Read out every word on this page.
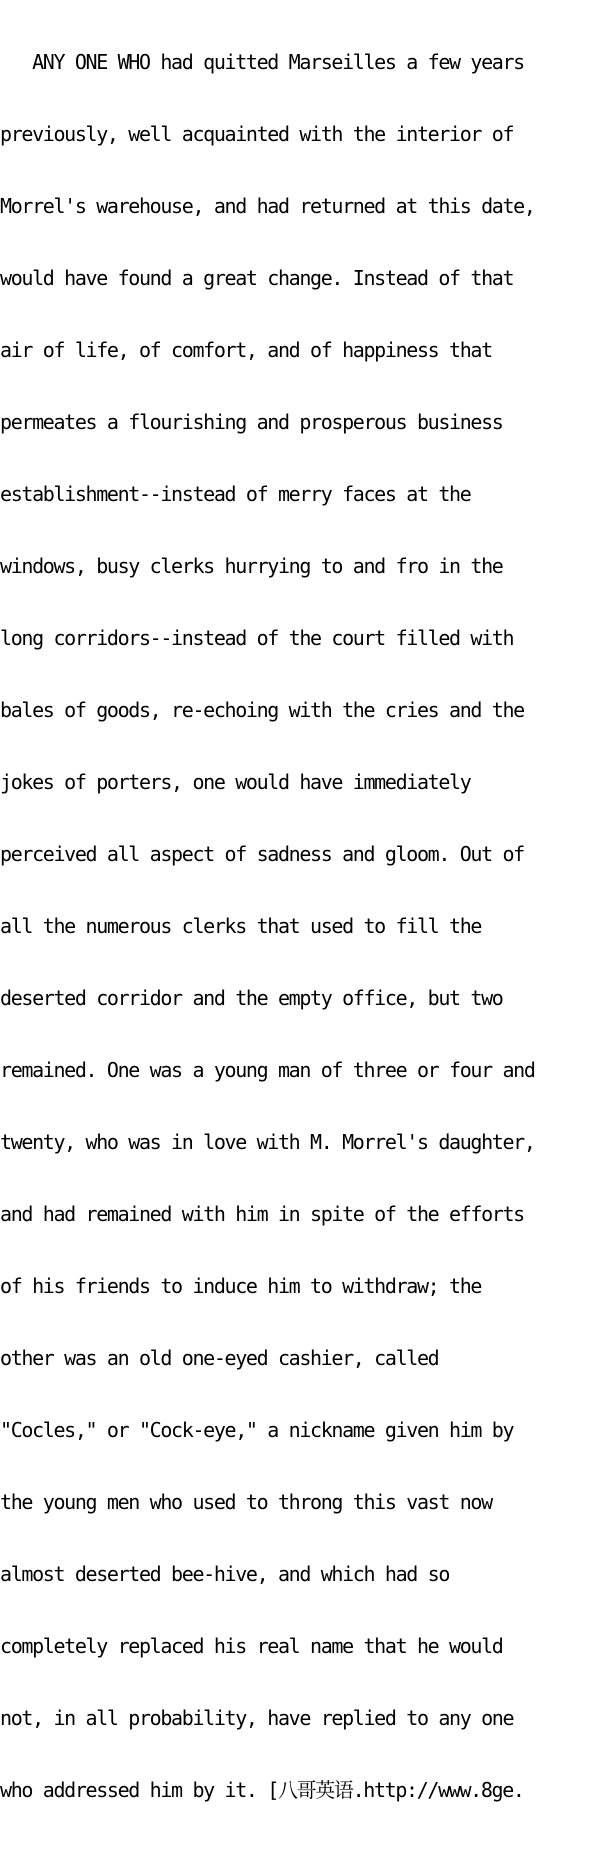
ANY ONE WHO had quitted Marseilles a few years

previously, well acquainted with the interior of

Morrel's warehouse, and had returned at this date,

would have found a great change. Instead of that

air of life, of comfort, and of happiness that

permeates a flourishing and prosperous business

establishment--instead of merry faces at the

windows, busy clerks hurrying to and fro in the

long corridors--instead of the court filled with

bales of goods, re-echoing with the cries and the

jokes of porters, one would have immediately

perceived all aspect of sadness and gloom. Out of

all the numerous clerks that used to fill the

deserted corridor and the empty office, but two

remained. One was a young man of three or four and

twenty, who was in love with M. Morrel's daughter,

and had remained with him in spite of the efforts

of his friends to induce him to withdraw; the

other was an old one-eyed cashier, called

"Cocles," or "Cock-eye," a nickname given him by

the young men who used to throng this vast now

almost deserted bee-hive, and which had so

completely replaced his real name that he would

not, in all probability, have replied to any one

who addressed him by it. [八哥英语.http://www.8ge.
